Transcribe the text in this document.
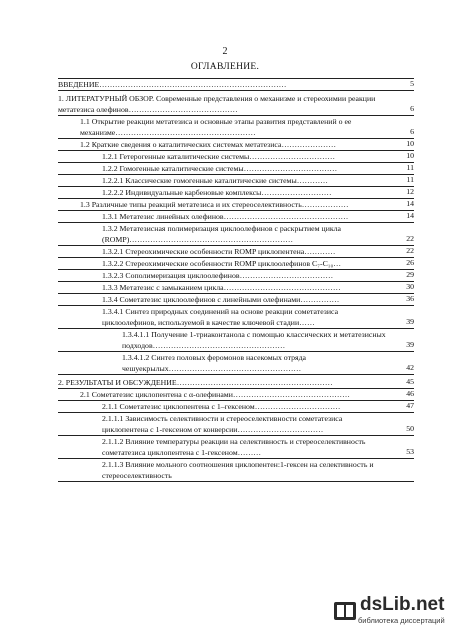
2
ОГЛАВЛЕНИЕ.
ВВЕДЕНИЕ………………………………………………………………	5
1. ЛИТЕРАТУРНЫЙ ОБЗОР. Современные представления о механизме и стереохимии реакции метатезиса олефинов……………………………………	6
1.1 Открытие реакции метатезиса и основные этапы развития представлений о ее механизме………………………………………………	6
1.2 Краткие сведения о каталитических системах метатезиса…………………	10
1.2.1 Гетерогенные каталитические системы……………………………	10
1.2.2 Гомогенные каталитические системы………………………………	11
1.2.2.1 Классические гомогенные каталитические системы…………	11
1.2.2.2 Индивидуальные карбеновые комплексы………………………	12
1.3 Различные типы реакций метатезиса и их стереоселективность………………	14
1.3.1 Метатезис линейных олефинов…………………………………………	14
1.3.2 Метатезисная полимеризация циклоолефинов с раскрытием цикла (ROMP)………………………………………………………	22
1.3.2.1 Стереохимические особенности ROMP циклопентена…………	22
1.3.2.2 Стереохимические особенности ROMP циклоолефинов C₇-C₁₀…	26
1.3.2.3 Сополимеризация циклоолефинов………………………………	29
1.3.3 Метатезис с замыканием цикла………………………………………	30
1.3.4 Сометатезис циклоолефинов с линейными олефинами……………	36
1.3.4.1 Синтез природных соединений на основе реакции сометатезиса циклоолефинов, используемой в качестве ключевой стадии……	39
1.3.4.1.1 Получение 1-триаконтанола с помощью классических и метатезисных подходов……………………………………………	39
1.3.4.1.2 Синтез половых феромонов насекомых отряда чешуекрылых……………………………………………	42
2. РЕЗУЛЬТАТЫ И ОБСУЖДЕНИЕ……………………………………………………	45
2.1 Сометатезис циклопентена с α-олефинами………………………………………	46
2.1.1 Сометатезис циклопентена с 1–гексеном……………………………	47
2.1.1.1 Зависимость селективности и стереоселективности сометатезиса циклопентена с 1-гексеном от конверсии……………………………	50
2.1.1.2 Влияние температуры реакции на селективность и стереоселективность сометатезиса циклопентена с 1-гексеном………	53
2.1.1.3 Влияние мольного соотношения циклопентен:1-гексен на селективность и стереоселективность
dsLib.net
библиотека диссертаций
